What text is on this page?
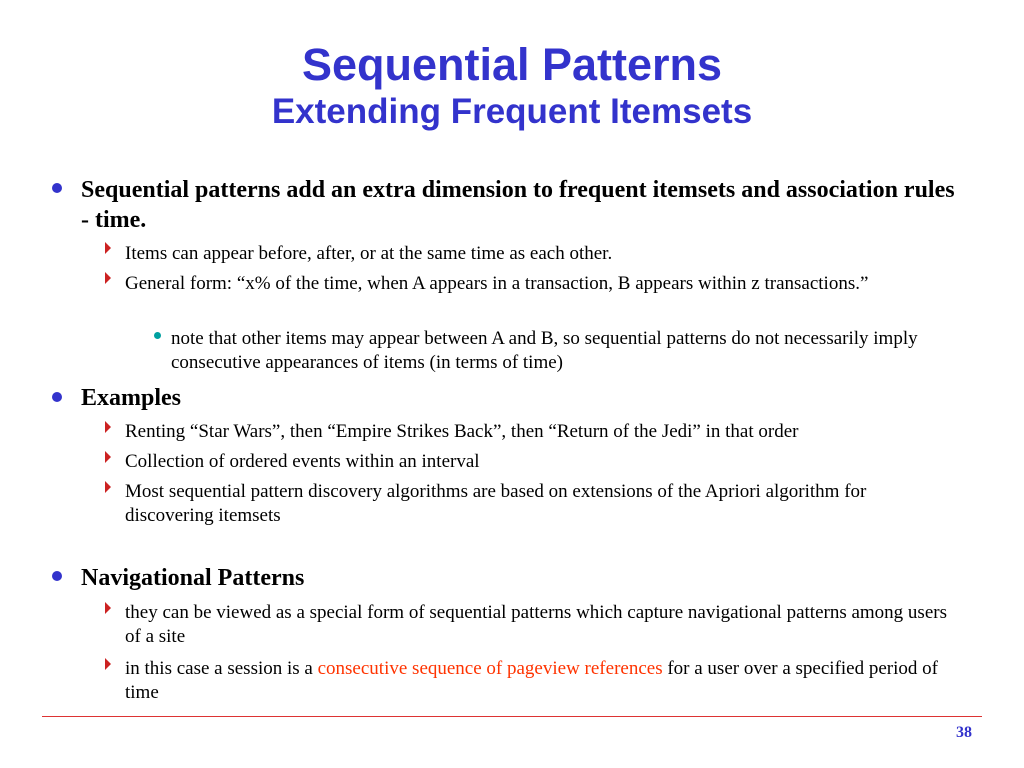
Sequential Patterns
Extending Frequent Itemsets
Sequential patterns add an extra dimension to frequent itemsets and association rules - time.
Items can appear before, after, or at the same time as each other.
General form: “x% of the time, when A appears in a transaction, B appears within z transactions.”
note that other items may appear between A and B, so sequential patterns do not necessarily imply consecutive appearances of items (in terms of time)
Examples
Renting “Star Wars”, then “Empire Strikes Back”, then “Return of the Jedi” in that order
Collection of ordered events within an interval
Most sequential pattern discovery algorithms are based on extensions of the Apriori algorithm for discovering itemsets
Navigational Patterns
they can be viewed as a special form of sequential patterns which capture navigational patterns among users of a site
in this case a session is a consecutive sequence of pageview references for a user over a specified period of time
38
